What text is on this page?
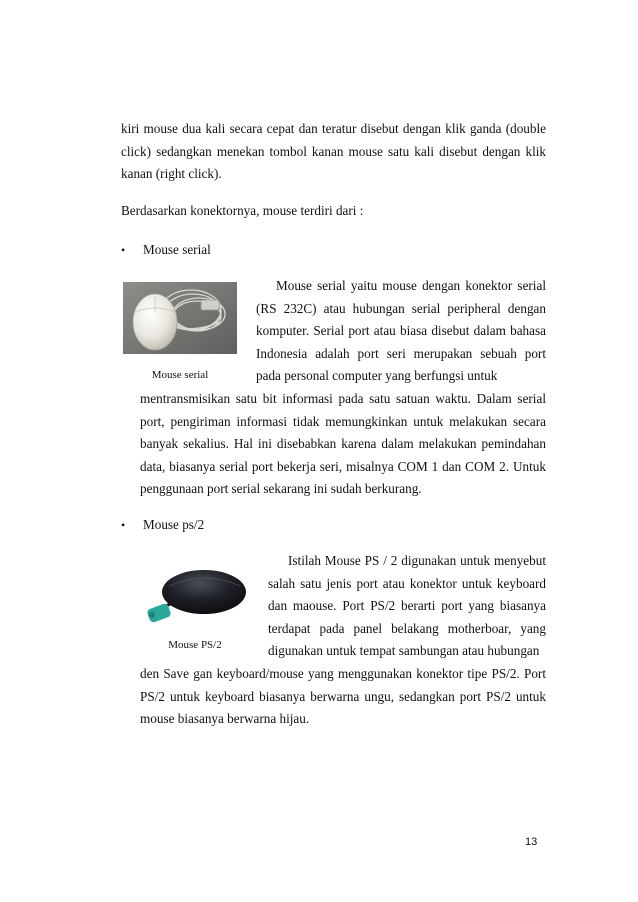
kiri mouse dua kali secara cepat dan teratur disebut dengan klik ganda (double click) sedangkan menekan tombol kanan mouse satu kali disebut dengan klik kanan (right click).

Berdasarkan konektornya, mouse terdiri dari :

• Mouse serial
Mouse serial

Mouse serial yaitu mouse dengan konektor serial (RS 232C) atau hubungan serial peripheral dengan komputer. Serial port atau biasa disebut dalam bahasa Indonesia adalah port seri merupakan sebuah port pada personal computer yang berfungsi untuk

mentransmisikan satu bit informasi pada satu satuan waktu. Dalam serial port, pengiriman informasi tidak memungkinkan untuk melakukan secara banyak sekalius. Hal ini disebabkan karena dalam melakukan pemindahan data, biasanya serial port bekerja seri, misalnya COM 1 dan COM 2. Untuk penggunaan port serial sekarang ini sudah berkurang.

• Mouse ps/2
Mouse PS/2

Istilah Mouse PS / 2 digunakan untuk menyebut salah satu jenis port atau konektor untuk keyboard dan maouse. Port PS/2 berarti port yang biasanya terdapat pada panel belakang motherboar, yang digunakan untuk tempat sambungan atau hubungan

den Save gan keyboard/mouse yang menggunakan konektor tipe PS/2. Port PS/2 untuk keyboard biasanya berwarna ungu, sedangkan port PS/2 untuk mouse biasanya berwarna hijau.

13
